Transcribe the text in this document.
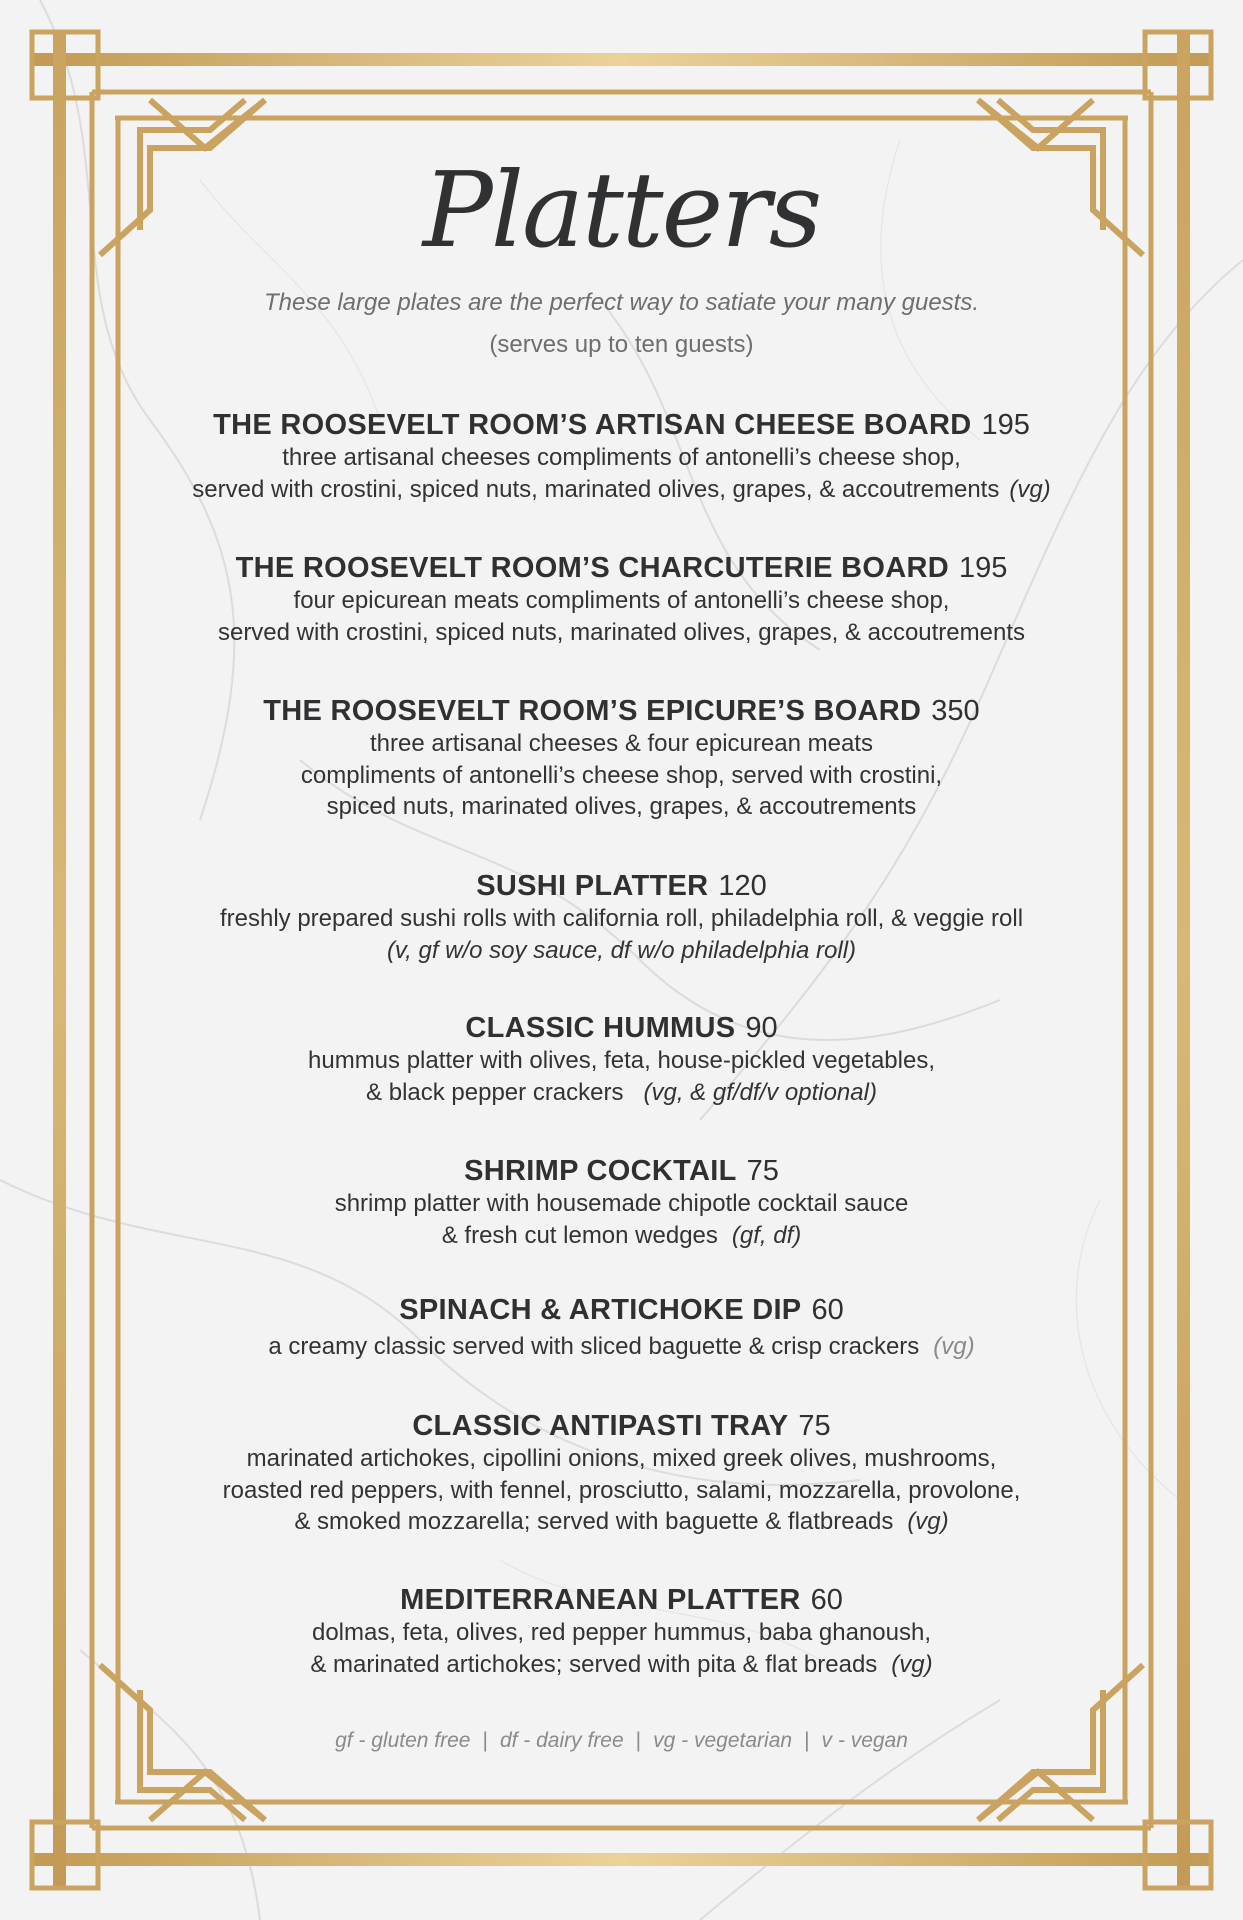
Platters
These large plates are the perfect way to satiate your many guests.
(serves up to ten guests)

THE ROOSEVELT ROOM’S ARTISAN CHEESE BOARD 195

three artisanal cheeses compliments of antonelli’s cheese shop,
served with crostini, spiced nuts, marinated olives, grapes, & accoutrements (vg)

THE ROOSEVELT ROOM’S CHARCUTERIE BOARD 195

four epicurean meats compliments of antonelli’s cheese shop,
served with crostini, spiced nuts, marinated olives, grapes, & accoutrements

THE ROOSEVELT ROOM’S EPICURE’S BOARD 350

three artisanal cheeses & four epicurean meats
compliments of antonelli’s cheese shop, served with crostini,
spiced nuts, marinated olives, grapes, & accoutrements

SUSHI PLATTER 120

freshly prepared sushi rolls with california roll, philadelphia roll, & veggie roll
(v, gf w/o soy sauce, df w/o philadelphia roll)

CLASSIC HUMMUS 90

hummus platter with olives, feta, house-pickled vegetables,
& black pepper crackers (vg, & gf/df/v optional)

SHRIMP COCKTAIL 75

shrimp platter with housemade chipotle cocktail sauce
& fresh cut lemon wedges (gf, df)

SPINACH & ARTICHOKE DIP 60

a creamy classic served with sliced baguette & crisp crackers (vg)

CLASSIC ANTIPASTI TRAY 75

marinated artichokes, cipollini onions, mixed greek olives, mushrooms,
roasted red peppers, with fennel, prosciutto, salami, mozzarella, provolone,
& smoked mozzarella; served with baguette & flatbreads (vg)

MEDITERRANEAN PLATTER 60

dolmas, feta, olives, red pepper hummus, baba ghanoush,
& marinated artichokes; served with pita & flat breads (vg)
gf - gluten free | df - dairy free | vg - vegetarian | v - vegan
